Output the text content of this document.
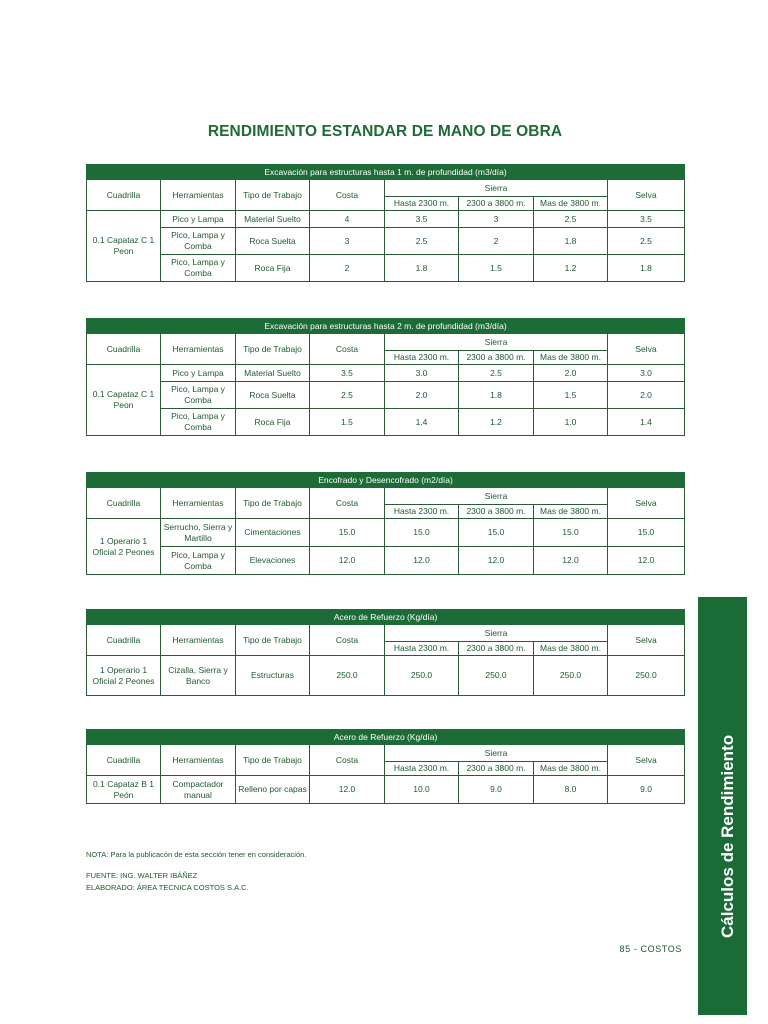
RENDIMIENTO ESTANDAR DE MANO DE OBRA
Excavación para estructuras hasta 1 m. de profundidad (m3/día)							
Cuadrilla	Herramientas	Tipo de Trabajo	Costa	Sierra			Selva
				Hasta 2300 m.	2300 a 3800 m.	Mas de 3800 m.	
0.1 Capataz C 1 Peon	Pico y Lampa	Material Suelto	4	3.5	3	2.5	3.5
	Pico, Lampa y Comba	Roca Suelta	3	2.5	2	1.8	2.5
	Pico, Lampa y Comba	Roca Fija	2	1.8	1.5	1.2	1.8
Excavación para estructuras hasta 2 m. de profundidad (m3/día)							
Cuadrilla	Herramientas	Tipo de Trabajo	Costa	Sierra			Selva
				Hasta 2300 m.	2300 a 3800 m.	Mas de 3800 m.	
0.1 Capataz C 1 Peon	Pico y Lampa	Material Suelto	3.5	3.0	2.5	2.0	3.0
	Pico, Lampa y Comba	Roca Suelta	2.5	2.0	1.8	1.5	2.0
	Pico, Lampa y Comba	Roca Fija	1.5	1.4	1.2	1.0	1.4
Encofrado y Desencofrado (m2/día)							
Cuadrilla	Herramientas	Tipo de Trabajo	Costa	Sierra			Selva
				Hasta 2300 m.	2300 a 3800 m.	Mas de 3800 m.	
1 Operario 1 Oficial 2 Peones	Serrucho, Sierra y Martillo	Cimentaciones	15.0	15.0	15.0	15.0	15.0
	Pico, Lampa y Comba	Elevaciones	12.0	12.0	12.0	12.0	12.0
Acero de Refuerzo (Kg/día)							
Cuadrilla	Herramientas	Tipo de Trabajo	Costa	Sierra			Selva
				Hasta 2300 m.	2300 a 3800 m.	Mas de 3800 m.	
1 Operario 1 Oficial 2 Peones	Cizalla, Sierra y Banco	Estructuras	250.0	250.0	250.0	250.0	250.0
Acero de Refuerzo (Kg/día)							
Cuadrilla	Herramientas	Tipo de Trabajo	Costa	Sierra			Selva
				Hasta 2300 m.	2300 a 3800 m.	Mas de 3800 m.	
0.1 Capataz B 1 Peón	Compactador manual	Relleno por capas	12.0	10.0	9.0	8.0	9.0
NOTA: Para la publicacón de esta sección tener en consideración.
FUENTE: ING. WALTER IBÁÑEZ
ELABORADO: ÁREA TECNICA COSTOS S.A.C.
85 - COSTOS
Cálculos de Rendimiento
